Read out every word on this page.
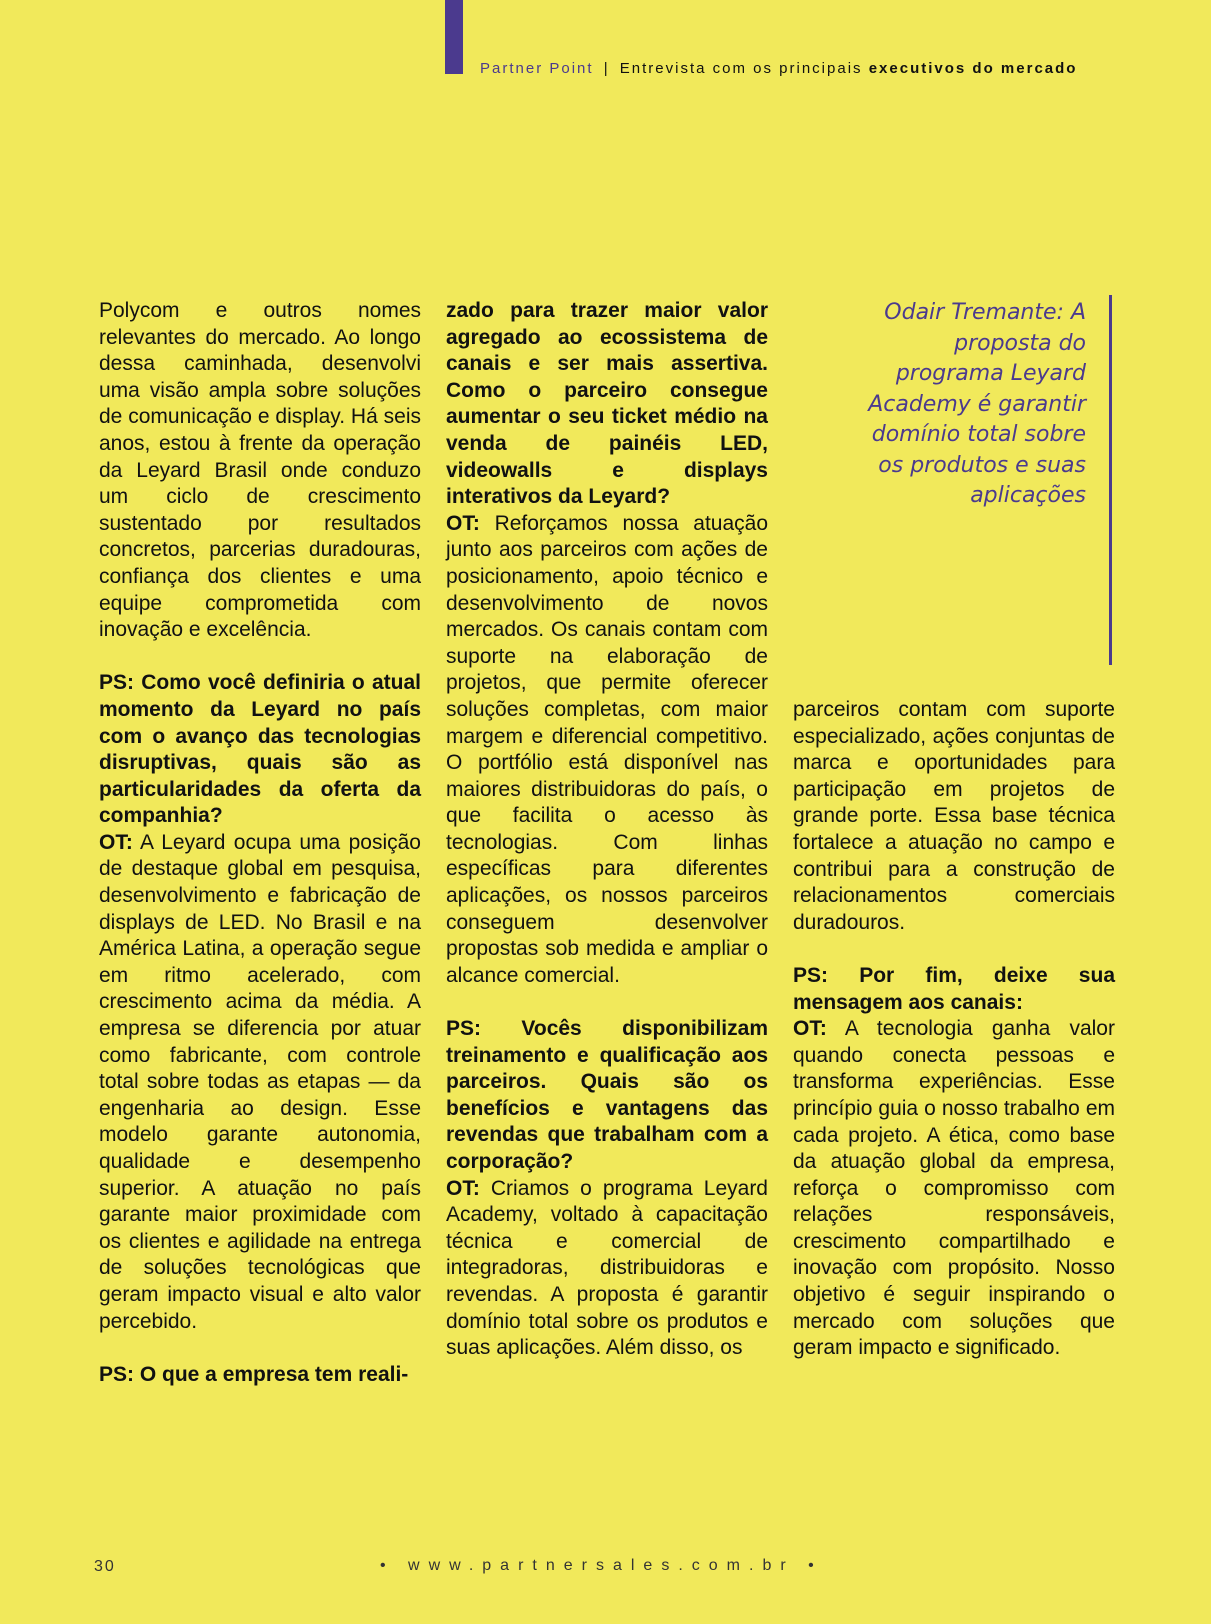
Partner Point | Entrevista com os principais executivos do mercado

Polycom e outros nomes relevantes do mercado. Ao longo dessa caminhada, desenvolvi uma visão ampla sobre soluções de comunicação e display. Há seis anos, estou à frente da operação da Leyard Brasil onde conduzo um ciclo de crescimento sustentado por resultados concretos, parcerias duradouras, confiança dos clientes e uma equipe comprometida com inovação e excelência.

PS: Como você definiria o atual momento da Leyard no país com o avanço das tecnologias disruptivas, quais são as particularidades da oferta da companhia?

OT: A Leyard ocupa uma posição de destaque global em pesquisa, desenvolvimento e fabricação de displays de LED. No Brasil e na América Latina, a operação segue em ritmo acelerado, com crescimento acima da média. A empresa se diferencia por atuar como fabricante, com controle total sobre todas as etapas — da engenharia ao design. Esse modelo garante autonomia, qualidade e desempenho superior. A atuação no país garante maior proximidade com os clientes e agilidade na entrega de soluções tecnológicas que geram impacto visual e alto valor percebido.

PS: O que a empresa tem reali-

zado para trazer maior valor agregado ao ecossistema de canais e ser mais assertiva. Como o parceiro consegue aumentar o seu ticket médio na venda de painéis LED, videowalls e displays interativos da Leyard?

OT: Reforçamos nossa atuação junto aos parceiros com ações de posicionamento, apoio técnico e desenvolvimento de novos mercados. Os canais contam com suporte na elaboração de projetos, que permite oferecer soluções completas, com maior margem e diferencial competitivo. O portfólio está disponível nas maiores distribuidoras do país, o que facilita o acesso às tecnologias. Com linhas específicas para diferentes aplicações, os nossos parceiros conseguem desenvolver propostas sob medida e ampliar o alcance comercial.

PS: Vocês disponibilizam treinamento e qualificação aos parceiros. Quais são os benefícios e vantagens das revendas que trabalham com a corporação?

OT: Criamos o programa Leyard Academy, voltado à capacitação técnica e comercial de integradoras, distribuidoras e revendas. A proposta é garantir domínio total sobre os produtos e suas aplicações. Além disso, os

Odair Tremante: A proposta do programa Leyard Academy é garantir domínio total sobre os produtos e suas aplicações

parceiros contam com suporte especializado, ações conjuntas de marca e oportunidades para participação em projetos de grande porte. Essa base técnica fortalece a atuação no campo e contribui para a construção de relacionamentos comerciais duradouros.

PS: Por fim, deixe sua mensagem aos canais:

OT: A tecnologia ganha valor quando conecta pessoas e transforma experiências. Esse princípio guia o nosso trabalho em cada projeto. A ética, como base da atuação global da empresa, reforça o compromisso com relações responsáveis, crescimento compartilhado e inovação com propósito. Nosso objetivo é seguir inspirando o mercado com soluções que geram impacto e significado.

30	• www.partnersales.com.br •
